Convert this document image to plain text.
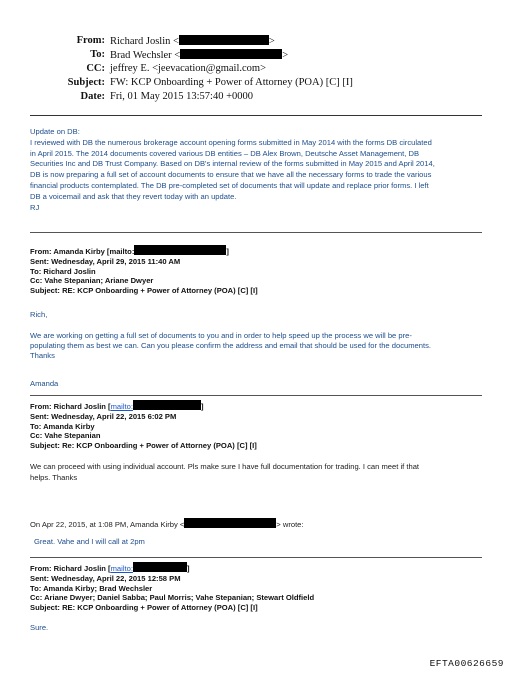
From: Richard Joslin <	>
To: Brad Wechsler <	>
CC: jeffrey E. <jeevacation@gmail.com>
Subject: FW: KCP Onboarding + Power of Attorney (POA) [C] [I]
Date: Fri, 01 May 2015 13:57:40 +0000
Update on DB:
I reviewed with DB the numerous brokerage account opening forms submitted in May 2014 with the forms DB circulated
in April 2015. The 2014 documents covered various DB entities – DB Alex Brown, Deutsche Asset Management, DB
Securities Inc and DB Trust Company. Based on DB's internal review of the forms submitted in May 2015 and April 2014,
DB is now preparing a full set of account documents to ensure that we have all the necessary forms to trade the various
financial products contemplated. The DB pre-completed set of documents that will update and replace prior forms. I left
DB a voicemail and ask that they revert today with an update.
RJ
From: Amanda Kirby [mailto:	]
Sent: Wednesday, April 29, 2015 11:40 AM
To: Richard Joslin
Cc: Vahe Stepanian; Ariane Dwyer
Subject: RE: KCP Onboarding + Power of Attorney (POA) [C] [I]
Rich,
We are working on getting a full set of documents to you and in order to help speed up the process we will be pre-
populating them as best we can. Can you please confirm the address and email that should be used for the documents.
Thanks
Amanda
From: Richard Joslin [mailto:	]
Sent: Wednesday, April 22, 2015 6:02 PM
To: Amanda Kirby
Cc: Vahe Stepanian
Subject: Re: KCP Onboarding + Power of Attorney (POA) [C] [I]
We can proceed with using individual account. Pls make sure I have full documentation for trading. I can meet if that
helps. Thanks
On Apr 22, 2015, at 1:08 PM, Amanda Kirby <	> wrote:
Great. Vahe and I will call at 2pm
From: Richard Joslin [mailto:	]
Sent: Wednesday, April 22, 2015 12:58 PM
To: Amanda Kirby; Brad Wechsler
Cc: Ariane Dwyer; Daniel Sabba; Paul Morris; Vahe Stepanian; Stewart Oldfield
Subject: RE: KCP Onboarding + Power of Attorney (POA) [C] [I]
Sure.
EFTA00626659
